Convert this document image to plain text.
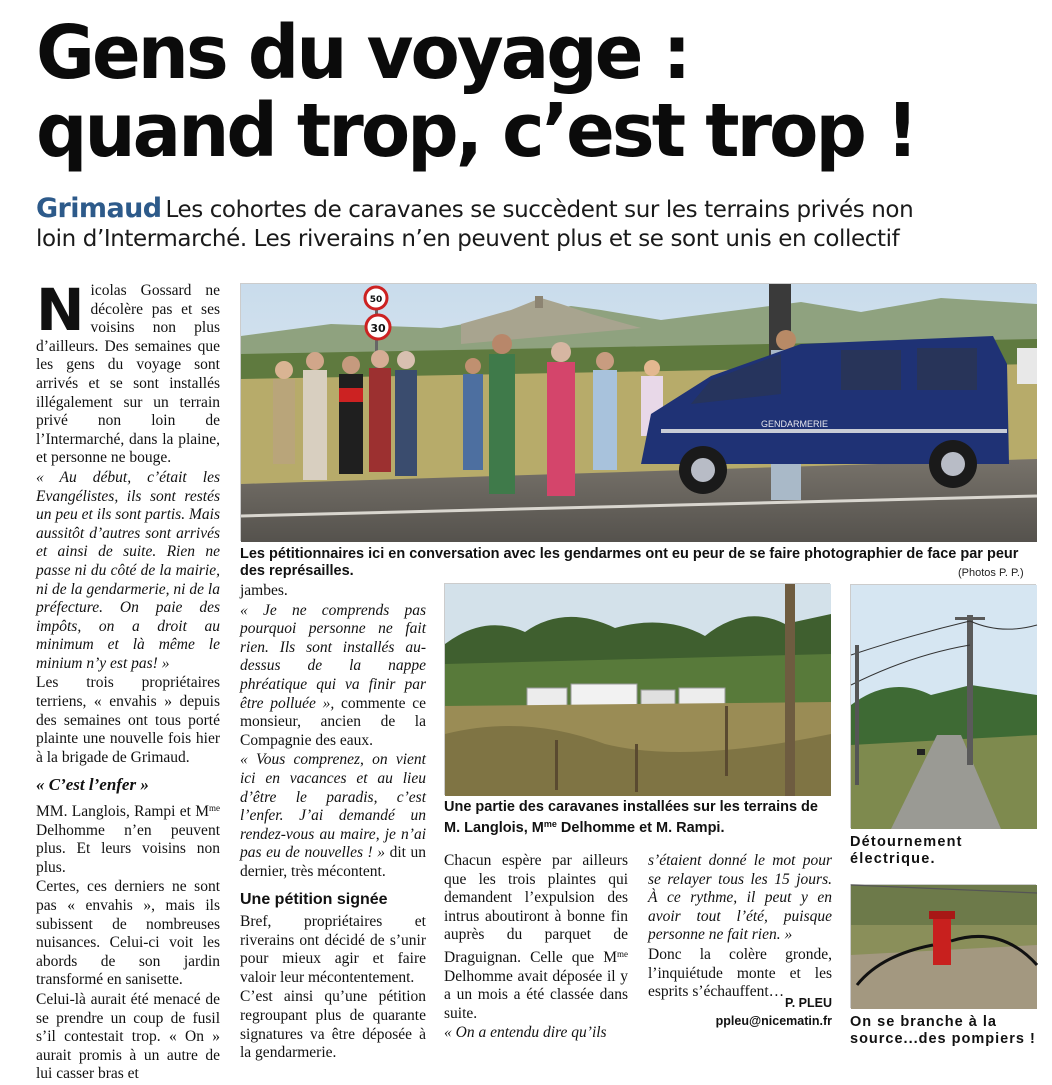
Gens du voyage :
quand trop, c’est trop !
Grimaud Les cohortes de caravanes se succèdent sur les terrains privés non
loin d’Intermarché. Les riverains n’en peuvent plus et se sont unis en collectif

Nicolas Gossard ne décolère pas et ses voisins non plus d’ailleurs. Des semaines que les gens du voyage sont arrivés et se sont installés illégalement sur un terrain privé non loin de l’Intermarché, dans la plaine, et personne ne bouge.

« Au début, c’était les Evangélistes, ils sont restés un peu et ils sont partis. Mais aussitôt d’autres sont arrivés et ainsi de suite. Rien ne passe ni du côté de la mairie, ni de la gendarmerie, ni de la préfecture. On paie des impôts, on a droit au minimum et là même le minium n’y est pas! »

Les trois propriétaires terriens, « envahis » depuis des semaines ont tous porté plainte une nouvelle fois hier à la brigade de Grimaud.

« C’est l’enfer »

MM. Langlois, Rampi et $M^{me}$ Delhomme n’en peuvent plus. Et leurs voisins non plus.

Certes, ces derniers ne sont pas « envahis », mais ils subissent de nombreuses nuisances. Celui-ci voit les abords de son jardin transformé en sanisette.

Celui-là aurait été menacé de se prendre un coup de fusil s’il contestait trop. « On » aurait promis à un autre de lui casser bras et

50
30
GENDARMERIE
Les pétitionnaires ici en conversation avec les gendarmes ont eu peur de se faire photographier de face par peur des représailles.	(Photos P. P.)

jambes.

« Je ne comprends pas pourquoi personne ne fait rien. Ils sont installés au-dessus de la nappe phréatique qui va finir par être polluée », commente ce monsieur, ancien de la Compagnie des eaux.

« Vous comprenez, on vient ici en vacances et au lieu d’être le paradis, c’est l’enfer. J’ai demandé un rendez-vous au maire, je n’ai pas eu de nouvelles ! » dit un dernier, très mécontent.

Une pétition signée

Bref, propriétaires et riverains ont décidé de s’unir pour mieux agir et faire valoir leur mécontentement.

C’est ainsi qu’une pétition regroupant plus de quarante signatures va être déposée à la gendarmerie.

Une partie des caravanes installées sur les terrains de M. Langlois, $M^{me}$ Delhomme et M. Rampi.

Chacun espère par ailleurs que les trois plaintes qui demandent l’expulsion des intrus aboutiront à bonne fin auprès du parquet de Draguignan. Celle que $M^{me}$ Delhomme avait déposée il y a un mois a été classée dans suite.

« On a entendu dire qu’ils

s’étaient donné le mot pour se relayer tous les 15 jours. À ce rythme, il peut y en avoir tout l’été, puisque personne ne fait rien. »

Donc la colère gronde, l’inquiétude monte et les esprits s’échauffent…

P. PLEU
ppleu@nicematin.fr
Détournement électrique.
On se branche à la source...des pompiers !
